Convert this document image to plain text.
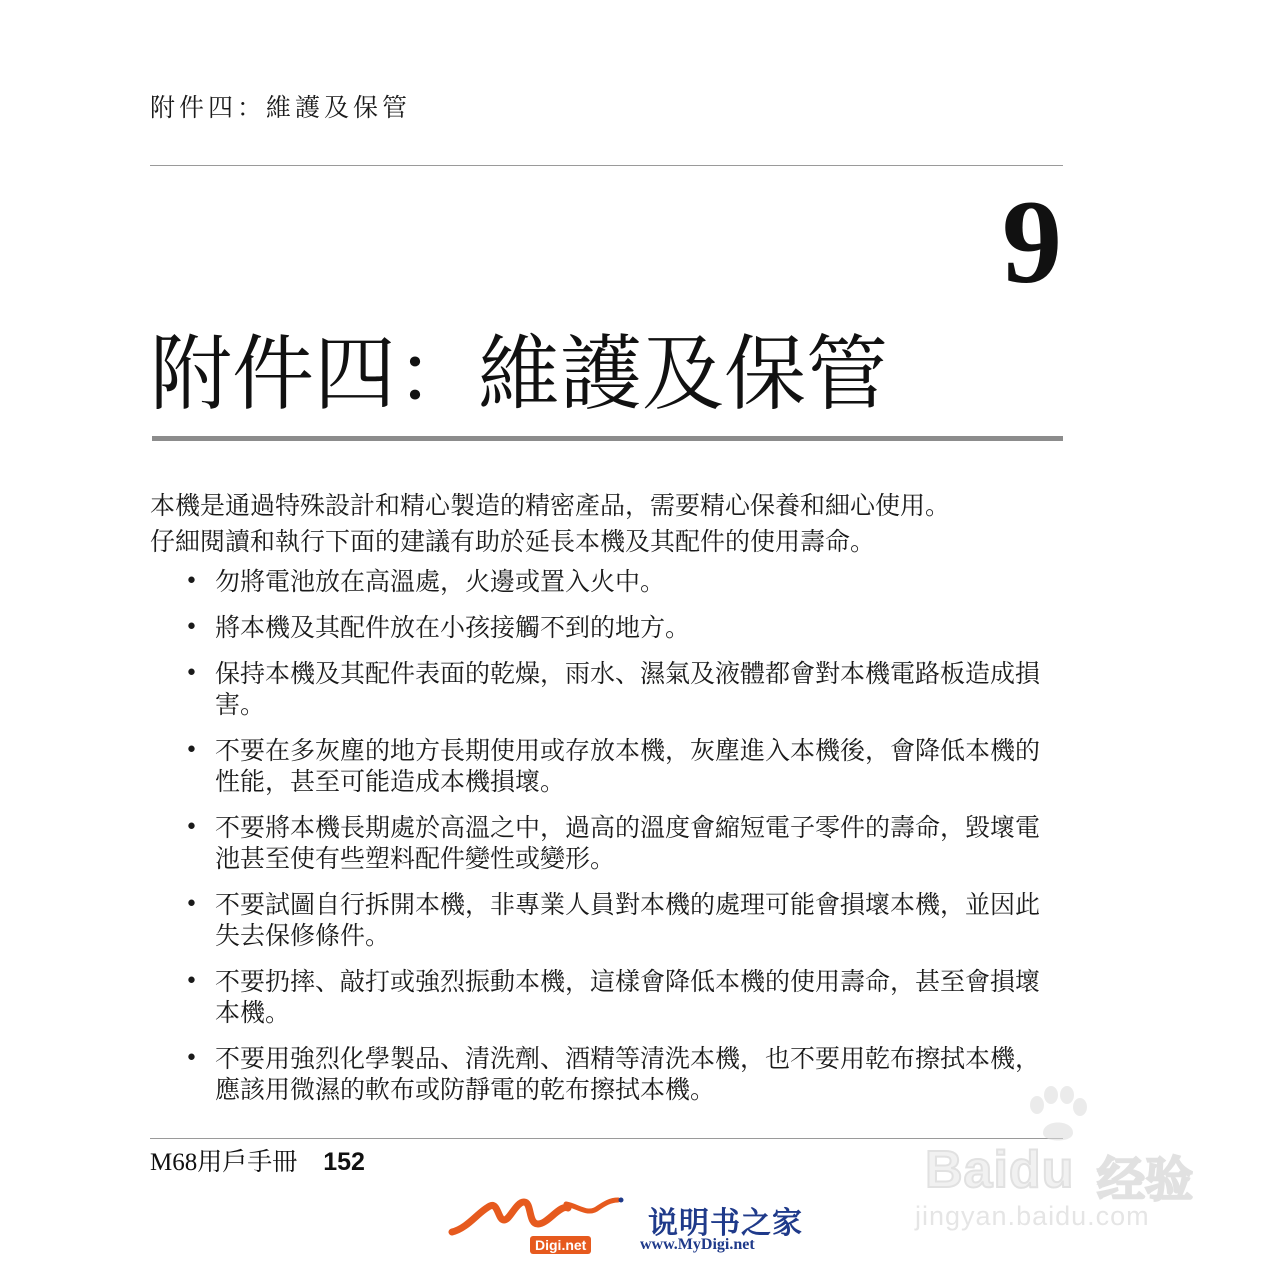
附件四：維護及保管
9
附件四：維護及保管
本機是通過特殊設計和精心製造的精密產品，需要精心保養和細心使用。
仔細閱讀和執行下面的建議有助於延長本機及其配件的使用壽命。
• 勿將電池放在高溫處，火邊或置入火中。
• 將本機及其配件放在小孩接觸不到的地方。
• 保持本機及其配件表面的乾燥，雨水、濕氣及液體都會對本機電路板造成損害。
• 不要在多灰塵的地方長期使用或存放本機，灰塵進入本機後，會降低本機的性能，甚至可能造成本機損壞。
• 不要將本機長期處於高溫之中，過高的溫度會縮短電子零件的壽命，毀壞電池甚至使有些塑料配件變性或變形。
• 不要試圖自行拆開本機，非專業人員對本機的處理可能會損壞本機，並因此失去保修條件。
• 不要扔摔、敲打或強烈振動本機，這樣會降低本機的使用壽命，甚至會損壞本機。
• 不要用強烈化學製品、清洗劑、酒精等清洗本機，也不要用乾布擦拭本機，應該用微濕的軟布或防靜電的乾布擦拭本機。
M68用戶手冊 152
Digi.net
说明书之家
www.MyDigi.net
Baidu 经验
jingyan.baidu.com
